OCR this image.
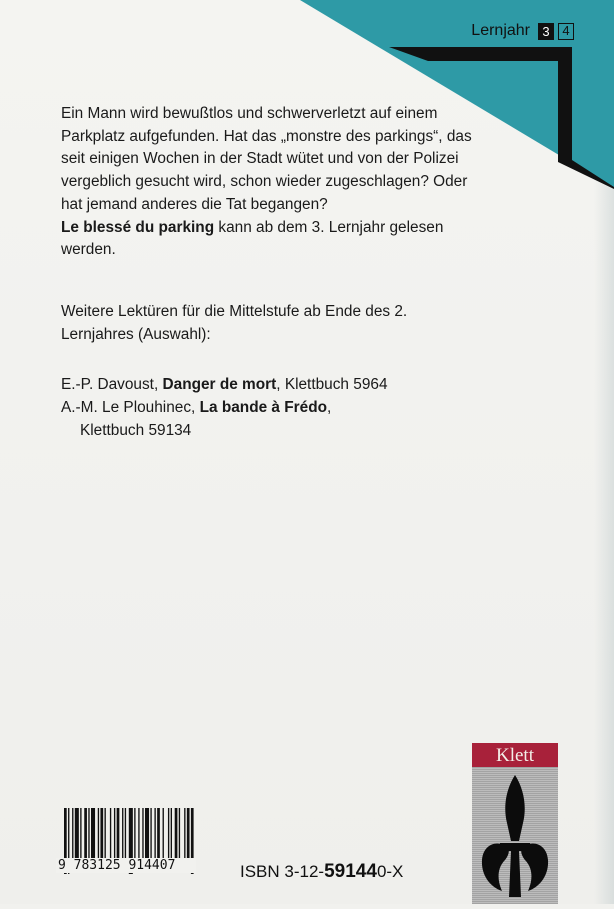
Lernjahr 3 4

Ein Mann wird bewußtlos und schwerverletzt auf einem Parkplatz aufgefunden. Hat das „monstre des parkings“, das seit einigen Wochen in der Stadt wütet und von der Polizei vergeblich gesucht wird, schon wieder zugeschlagen? Oder hat jemand anderes die Tat begangen?

Le blessé du parking kann ab dem 3. Lernjahr gelesen werden.

Weitere Lektüren für die Mittelstufe ab Ende des 2. Lernjahres (Auswahl):

E.-P. Davoust, Danger de mort, Klettbuch 5964
A.-M. Le Plouhinec, La bande à Frédo,
Klettbuch 59134

9 783125 914407	ISBN 3-12-591440-X
Klett
